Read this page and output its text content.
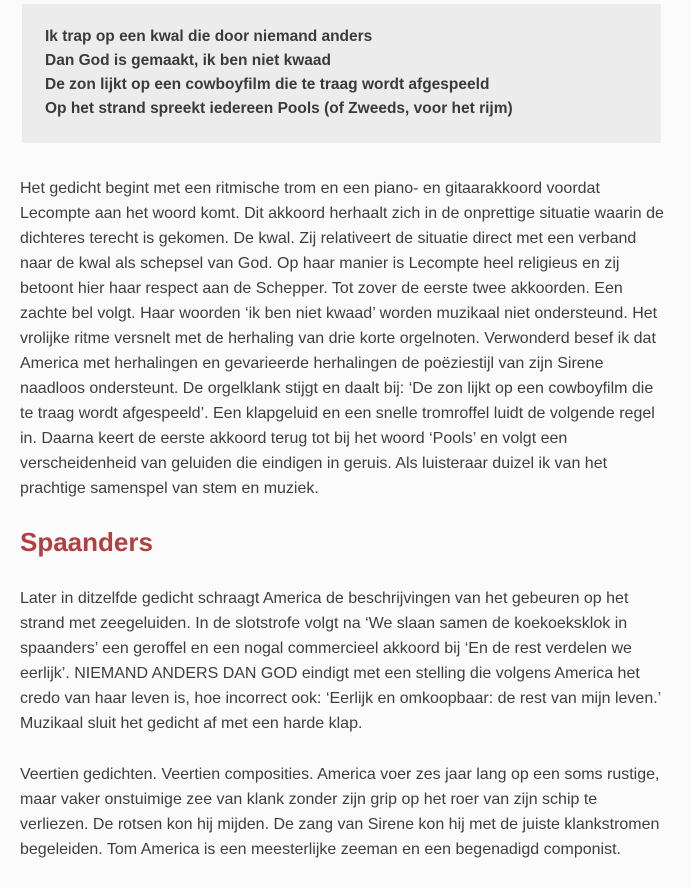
Ik trap op een kwal die door niemand anders

Dan God is gemaakt, ik ben niet kwaad

De zon lijkt op een cowboyfilm die te traag wordt afgespeeld

Op het strand spreekt iedereen Pools (of Zweeds, voor het rijm)

Het gedicht begint met een ritmische trom en een piano- en gitaarakkoord voordat Lecompte aan het woord komt. Dit akkoord herhaalt zich in de onprettige situatie waarin de dichteres terecht is gekomen. De kwal. Zij relativeert de situatie direct met een verband naar de kwal als schepsel van God. Op haar manier is Lecompte heel religieus en zij betoont hier haar respect aan de Schepper. Tot zover de eerste twee akkoorden. Een zachte bel volgt. Haar woorden ‘ik ben niet kwaad’ worden muzikaal niet ondersteund. Het vrolijke ritme versnelt met de herhaling van drie korte orgelnoten. Verwonderd besef ik dat America met herhalingen en gevarieerde herhalingen de poëziestijl van zijn Sirene naadloos ondersteunt. De orgelklank stijgt en daalt bij: ‘De zon lijkt op een cowboyfilm die te traag wordt afgespeeld’. Een klapgeluid en een snelle tromroffel luidt de volgende regel in. Daarna keert de eerste akkoord terug tot bij het woord ‘Pools’ en volgt een verscheidenheid van geluiden die eindigen in geruis. Als luisteraar duizel ik van het prachtige samenspel van stem en muziek.

Spaanders

Later in ditzelfde gedicht schraagt America de beschrijvingen van het gebeuren op het strand met zeegeluiden. In de slotstrofe volgt na ‘We slaan samen de koekoeksklok in spaanders’ een geroffel en een nogal commercieel akkoord bij ‘En de rest verdelen we eerlijk’. NIEMAND ANDERS DAN GOD eindigt met een stelling die volgens America het credo van haar leven is, hoe incorrect ook: ‘Eerlijk en omkoopbaar: de rest van mijn leven.’ Muzikaal sluit het gedicht af met een harde klap.

Veertien gedichten. Veertien composities. America voer zes jaar lang op een soms rustige, maar vaker onstuimige zee van klank zonder zijn grip op het roer van zijn schip te verliezen. De rotsen kon hij mijden. De zang van Sirene kon hij met de juiste klankstromen begeleiden. Tom America is een meesterlijke zeeman en een begenadigd componist.
